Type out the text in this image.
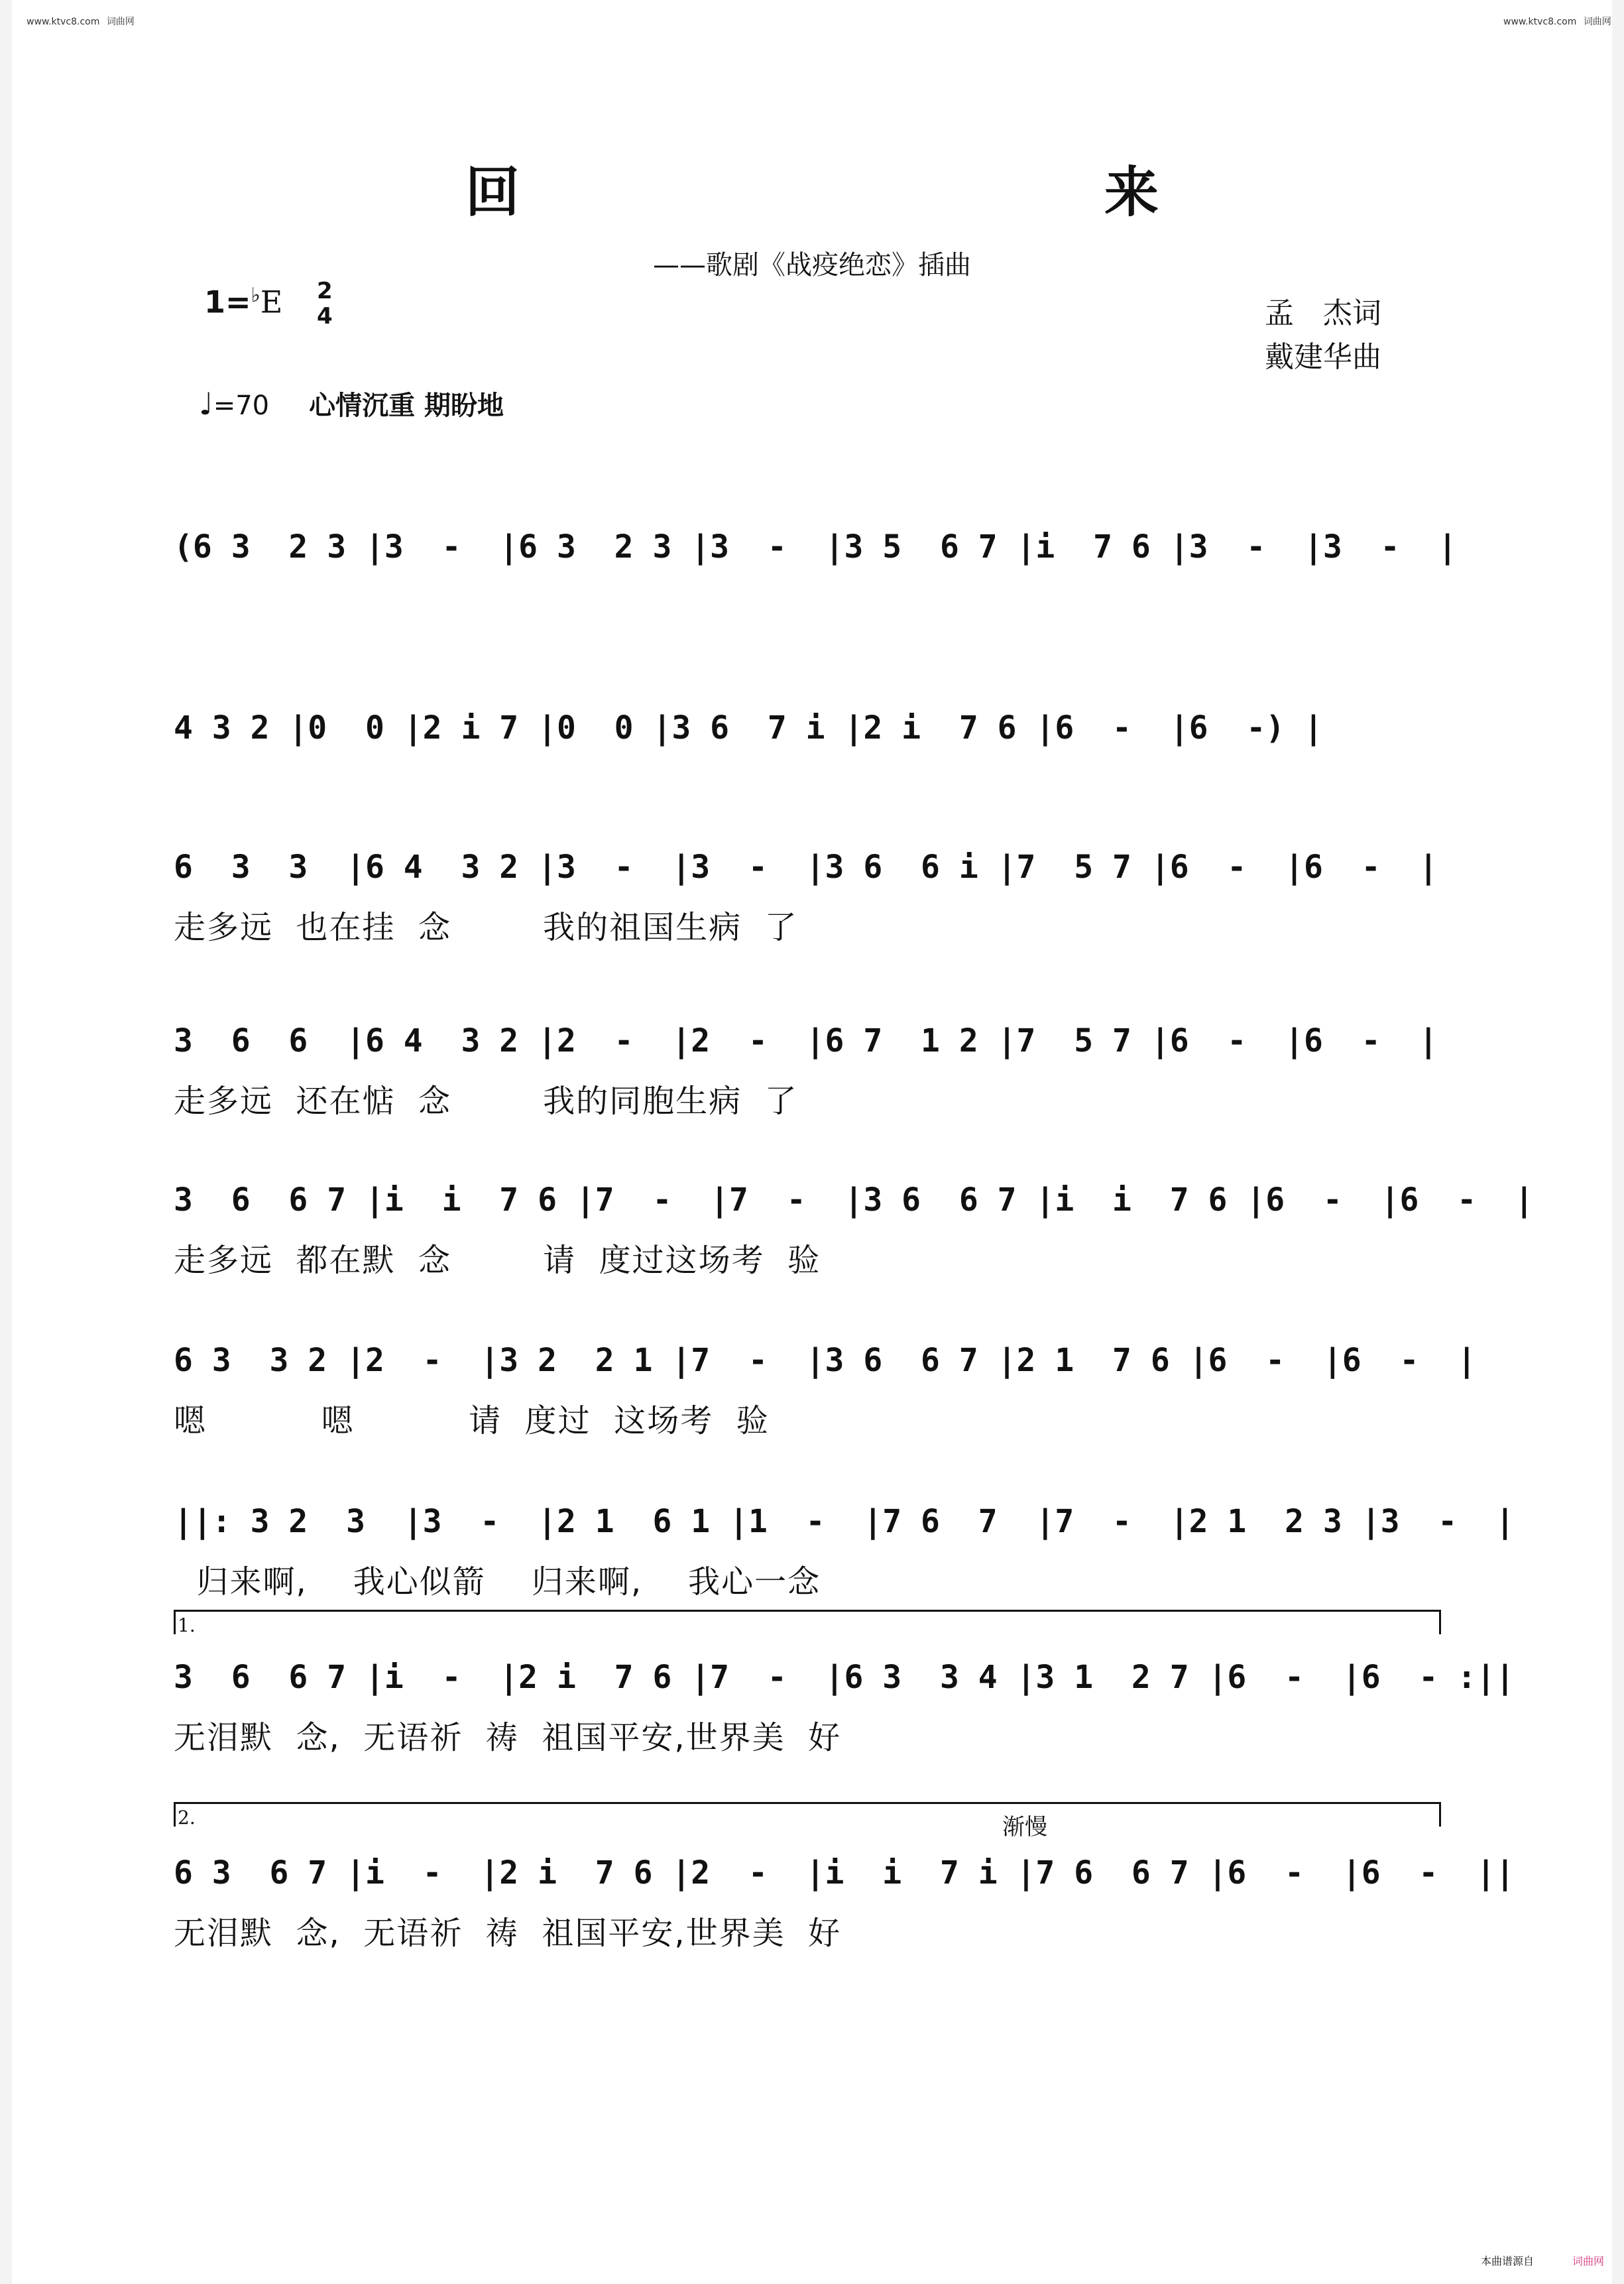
www.ktvc8.com 词曲网	www.ktvc8.com 词曲网
回　来
——歌剧《战疫绝恋》插曲
1=♭E 2
4	孟　杰词
戴建华曲
♩=70 心情沉重 期盼地
(6 3  2 3 |3  -  |6 3  2 3 |3  -  |3 5  6 7 |i  7 6 |3  -  |3  -  |
4 3 2 |0  0 |2 i 7 |0  0 |3 6  7 i |2 i  7 6 |6  -  |6  -) |
6  3  3  |6 4  3 2 |3  -  |3  -  |3 6  6 i |7  5 7 |6  -  |6  -  |
走多远  也在挂  念        我的祖国生病  了
3  6  6  |6 4  3 2 |2  -  |2  -  |6 7  1 2 |7  5 7 |6  -  |6  -  |
走多远  还在惦  念        我的同胞生病  了
3  6  6 7 |i  i  7 6 |7  -  |7  -  |3 6  6 7 |i  i  7 6 |6  -  |6  -  |
走多远  都在默  念        请  度过这场考  验
6 3  3 2 |2  -  |3 2  2 1 |7  -  |3 6  6 7 |2 1  7 6 |6  -  |6  -  |
嗯          嗯          请  度过  这场考  验
||: 3 2  3  |3  -  |2 1  6 1 |1  -  |7 6  7  |7  -  |2 1  2 3 |3  -  |
归来啊,    我心似箭    归来啊,    我心一念
1.
3  6  6 7 |i  -  |2 i  7 6 |7  -  |6 3  3 4 |3 1  2 7 |6  -  |6  - :||
无泪默  念,  无语祈  祷  祖国平安,世界美  好
2.	渐慢
6 3  6 7 |i  -  |2 i  7 6 |2  -  |i  i  7 i |7 6  6 7 |6  -  |6  -  ||
无泪默  念,  无语祈  祷  祖国平安,世界美  好
本曲谱源自	词曲网
